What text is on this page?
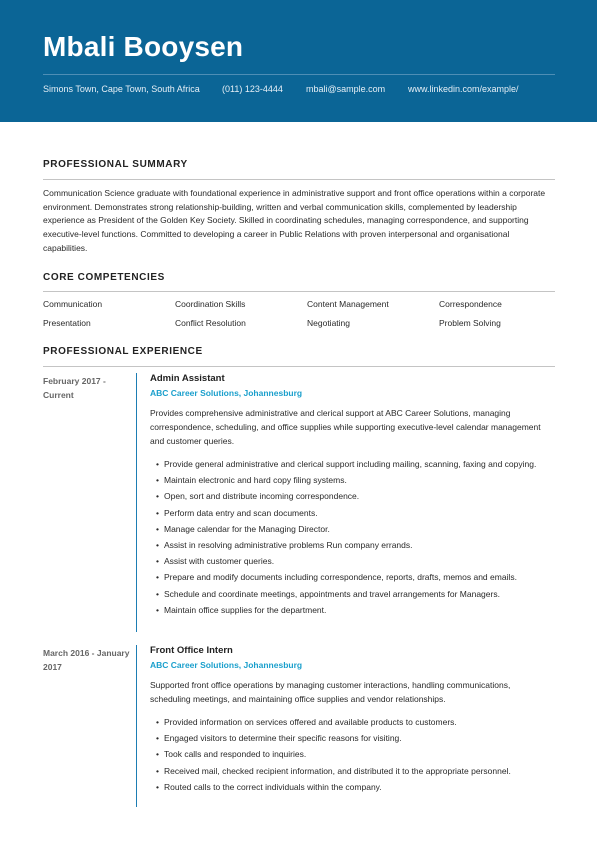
Mbali Booysen
Simons Town, Cape Town, South Africa (011) 123-4444	mbali@sample.com	www.linkedin.com/example/
PROFESSIONAL SUMMARY
Communication Science graduate with foundational experience in administrative support and front office operations within a corporate environment. Demonstrates strong relationship-building, written and verbal communication skills, complemented by leadership experience as President of the Golden Key Society. Skilled in coordinating schedules, managing correspondence, and supporting executive-level functions. Committed to developing a career in Public Relations with proven interpersonal and organisational capabilities.
CORE COMPETENCIES
Communication	Coordination Skills	Content Management	Correspondence
Presentation	Conflict Resolution	Negotiating	Problem Solving
PROFESSIONAL EXPERIENCE
February 2017 - Current
Admin Assistant
ABC Career Solutions, Johannesburg
Provides comprehensive administrative and clerical support at ABC Career Solutions, managing correspondence, scheduling, and office supplies while supporting executive-level calendar management and customer queries.
• Provide general administrative and clerical support including mailing, scanning, faxing and copying.
• Maintain electronic and hard copy filing systems.
• Open, sort and distribute incoming correspondence.
• Perform data entry and scan documents.
• Manage calendar for the Managing Director.
• Assist in resolving administrative problems Run company errands.
• Assist with customer queries.
• Prepare and modify documents including correspondence, reports, drafts, memos and emails.
• Schedule and coordinate meetings, appointments and travel arrangements for Managers.
• Maintain office supplies for the department.
March 2016 - January 2017
Front Office Intern
ABC Career Solutions, Johannesburg
Supported front office operations by managing customer interactions, handling communications, scheduling meetings, and maintaining office supplies and vendor relationships.
• Provided information on services offered and available products to customers.
• Engaged visitors to determine their specific reasons for visiting.
• Took calls and responded to inquiries.
• Received mail, checked recipient information, and distributed it to the appropriate personnel.
• Routed calls to the correct individuals within the company.
